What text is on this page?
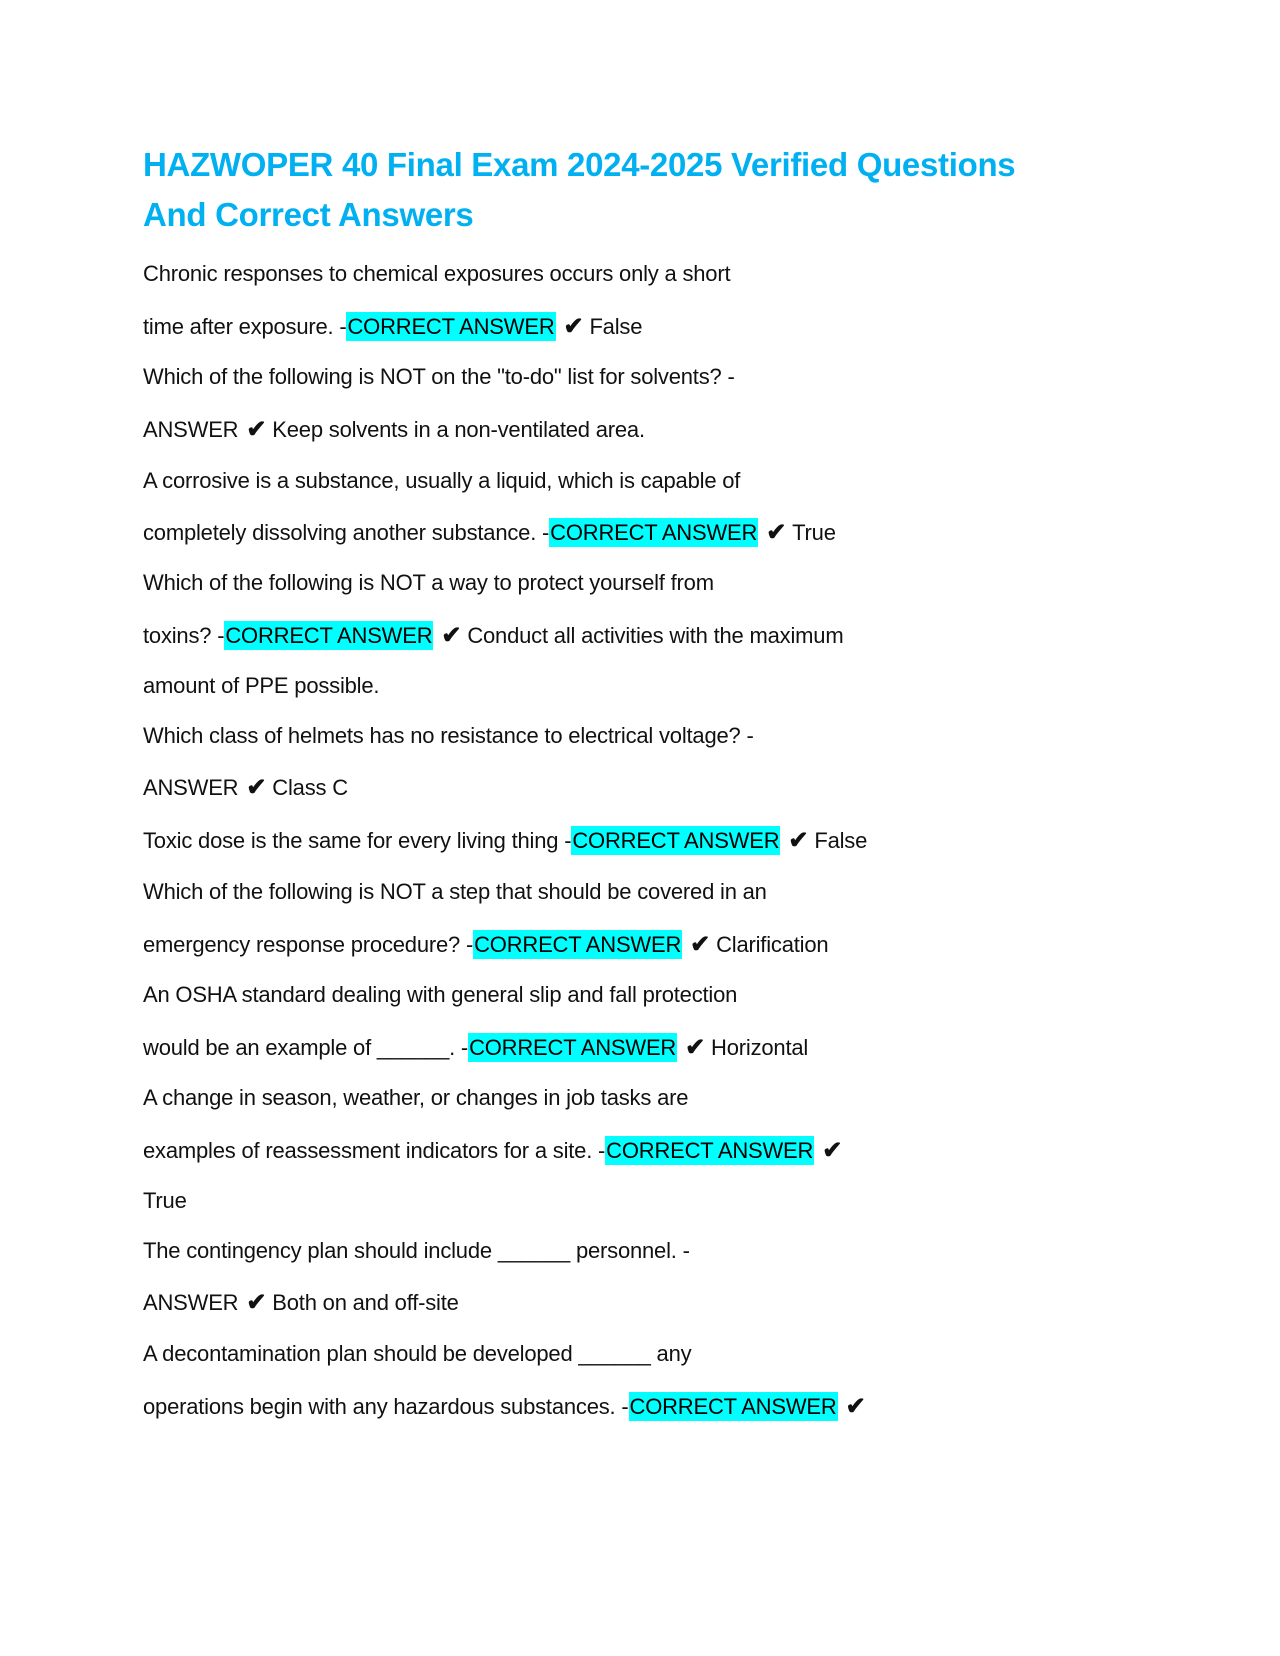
HAZWOPER 40 Final Exam 2024-2025 Verified Questions
And Correct Answers
Chronic responses to chemical exposures occurs only a short
time after exposure. -CORRECT ANSWER ✔ False
Which of the following is NOT on the "to-do" list for solvents? -
ANSWER ✔ Keep solvents in a non-ventilated area.
A corrosive is a substance, usually a liquid, which is capable of
completely dissolving another substance. -CORRECT ANSWER ✔ True
Which of the following is NOT a way to protect yourself from
toxins? -CORRECT ANSWER ✔ Conduct all activities with the maximum
amount of PPE possible.
Which class of helmets has no resistance to electrical voltage? -
ANSWER ✔ Class C
Toxic dose is the same for every living thing -CORRECT ANSWER ✔ False
Which of the following is NOT a step that should be covered in an
emergency response procedure? -CORRECT ANSWER ✔ Clarification
An OSHA standard dealing with general slip and fall protection
would be an example of ______. -CORRECT ANSWER ✔ Horizontal
A change in season, weather, or changes in job tasks are
examples of reassessment indicators for a site. -CORRECT ANSWER ✔
True
The contingency plan should include ______ personnel. -
ANSWER ✔ Both on and off-site
A decontamination plan should be developed ______ any
operations begin with any hazardous substances. -CORRECT ANSWER ✔
